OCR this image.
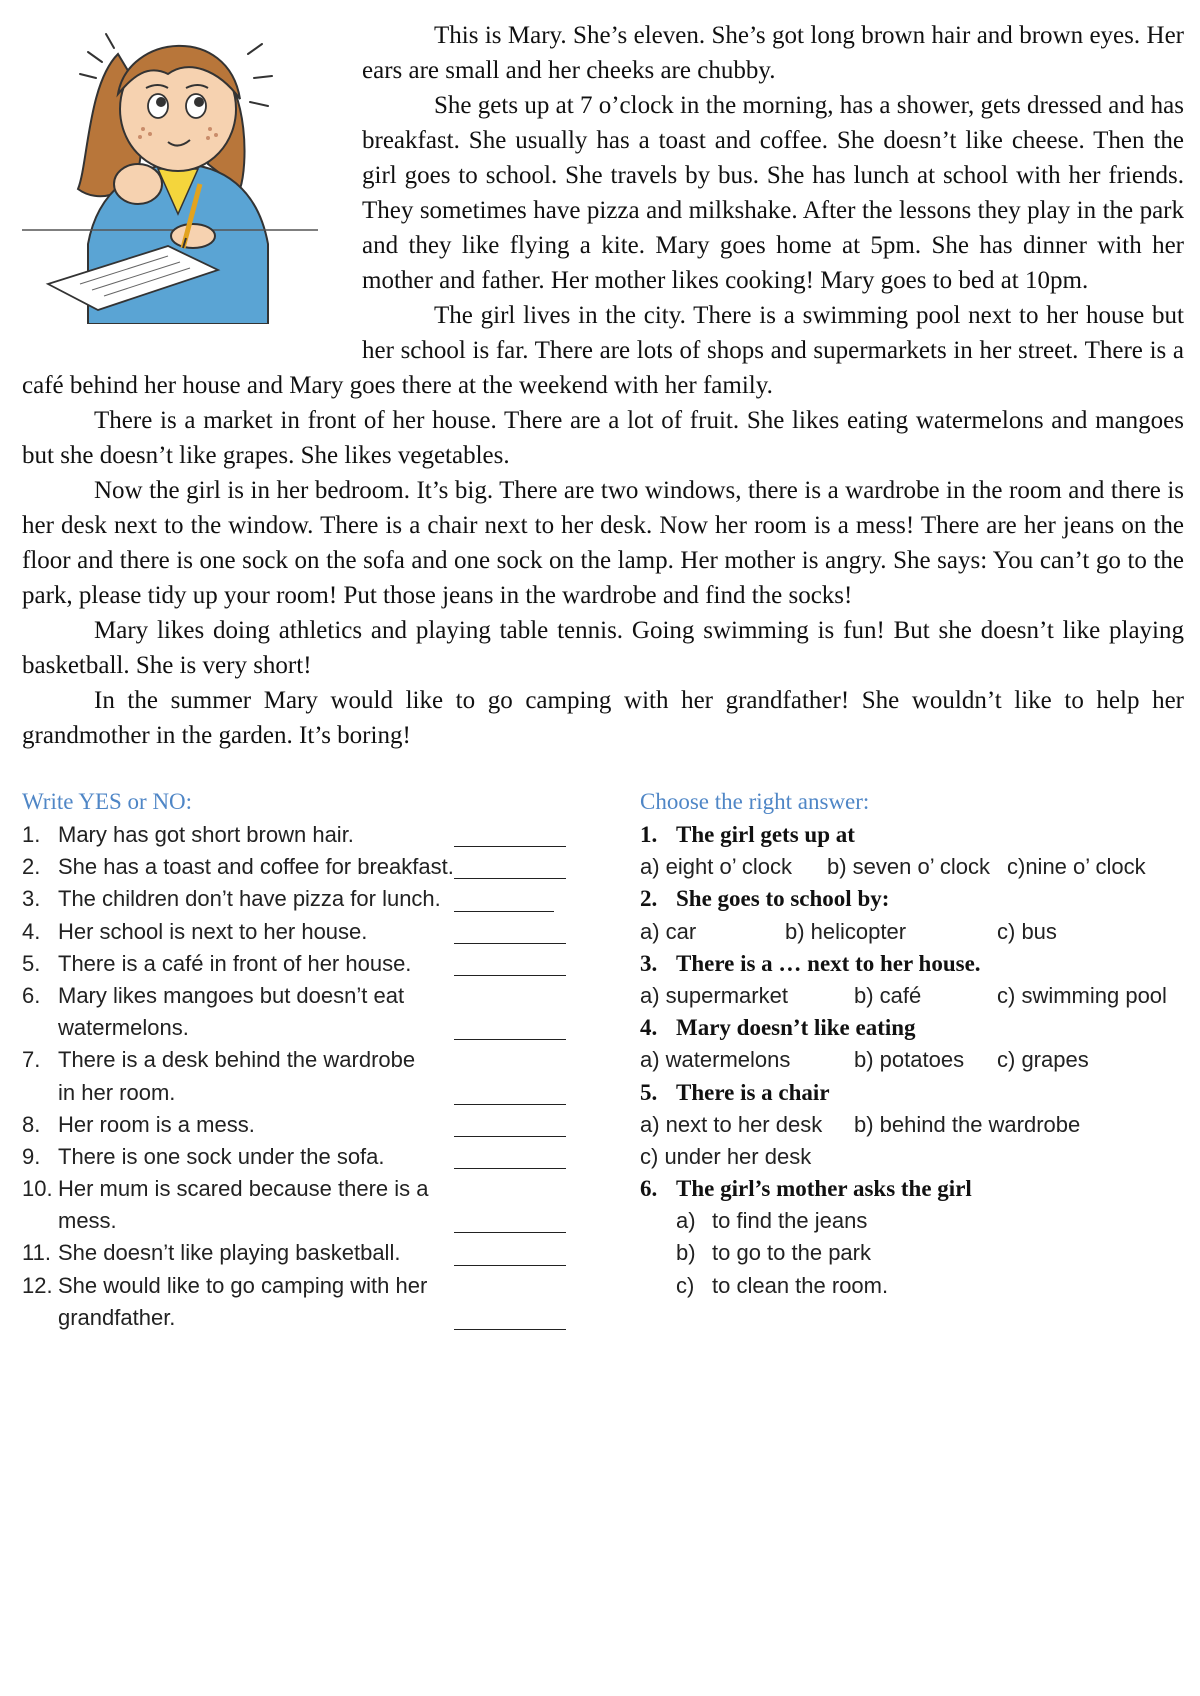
This is Mary. She’s eleven. She’s got long brown hair and brown eyes. Her ears are small and her cheeks are chubby.

She gets up at 7 o’clock in the morning, has a shower, gets dressed and has breakfast. She usually has a toast and coffee. She doesn’t like cheese. Then the girl goes to school. She travels by bus. She has lunch at school with her friends. They sometimes have pizza and milkshake. After the lessons they play in the park and they like flying a kite. Mary goes home at 5pm. She has dinner with her mother and father. Her mother likes cooking! Mary goes to bed at 10pm.

The girl lives in the city. There is a swimming pool next to her house but her school is far. There are lots of shops and supermarkets in her street. There is a café behind her house and Mary goes there at the weekend with her family.

There is a market in front of her house. There are a lot of fruit. She likes eating watermelons and mangoes but she doesn’t like grapes. She likes vegetables.

Now the girl is in her bedroom. It’s big. There are two windows, there is a wardrobe in the room and there is her desk next to the window. There is a chair next to her desk. Now her room is a mess! There are her jeans on the floor and there is one sock on the sofa and one sock on the lamp. Her mother is angry. She says: You can’t go to the park, please tidy up your room! Put those jeans in the wardrobe and find the socks!

Mary likes doing athletics and playing table tennis. Going swimming is fun! But she doesn’t like playing basketball. She is very short!

In the summer Mary would like to go camping with her grandfather! She wouldn’t like to help her grandmother in the garden. It’s boring!

Write YES or NO:
1. Mary has got short brown hair.
2. She has a toast and coffee for breakfast.
3. The children don’t have pizza for lunch.
4. Her school is next to her house.
5. There is a café in front of her house.
6. Mary likes mangoes but doesn’t eat
watermelons.
7. There is a desk behind the wardrobe
in her room.
8. Her room is a mess.
9. There is one sock under the sofa.
10. Her mum is scared because there is a
mess.
11. She doesn’t like playing basketball.
12. She would like to go camping with her
grandfather.
Choose the right answer:
1. The girl gets up at
a) eight o’ clock b) seven o’ clock c)nine o’ clock
2. She goes to school by:
a) car	b) helicopter	c) bus
3. There is a … next to her house.
a) supermarket	b) café	c) swimming pool
4. Mary doesn’t like eating
a) watermelons	b) potatoes c) grapes
5. There is a chair
a) next to her desk b) behind the wardrobe
c) under her desk
6. The girl’s mother asks the girl
a) to find the jeans
b) to go to the park
c) to clean the room.
